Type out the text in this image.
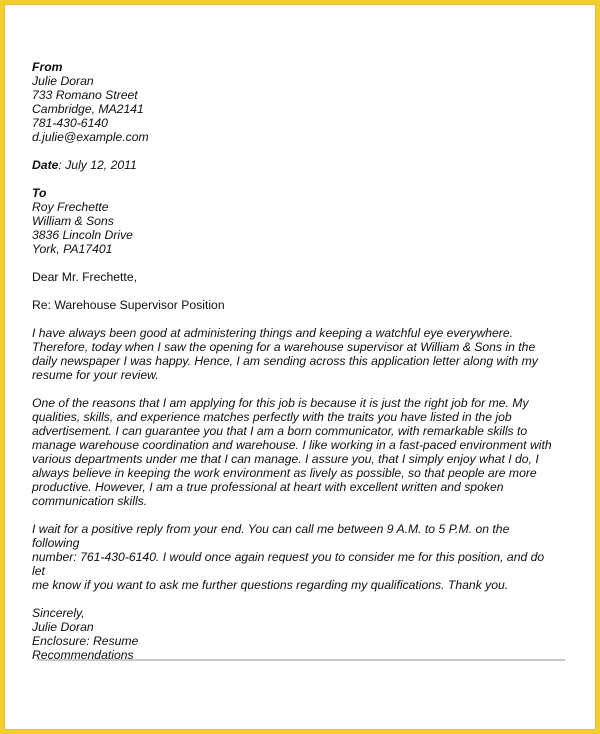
From
Julie Doran
733 Romano Street
Cambridge, MA2141
781-430-6140
d.julie@example.com
Date: July 12, 2011
To
Roy Frechette
William & Sons
3836 Lincoln Drive
York, PA17401
Dear Mr. Frechette,
Re: Warehouse Supervisor Position
I have always been good at administering things and keeping a watchful eye everywhere.
Therefore, today when I saw the opening for a warehouse supervisor at William & Sons in the
daily newspaper I was happy. Hence, I am sending across this application letter along with my
resume for your review.
One of the reasons that I am applying for this job is because it is just the right job for me. My
qualities, skills, and experience matches perfectly with the traits you have listed in the job
advertisement. I can guarantee you that I am a born communicator, with remarkable skills to
manage warehouse coordination and warehouse. I like working in a fast-paced environment with
various departments under me that I can manage. I assure you, that I simply enjoy what I do, I
always believe in keeping the work environment as lively as possible, so that people are more
productive. However, I am a true professional at heart with excellent written and spoken
communication skills.
I wait for a positive reply from your end. You can call me between 9 A.M. to 5 P.M. on the following
number: 761-430-6140. I would once again request you to consider me for this position, and do let
me know if you want to ask me further questions regarding my qualifications. Thank you.
Sincerely,
Julie Doran
Enclosure: Resume
Recommendations
